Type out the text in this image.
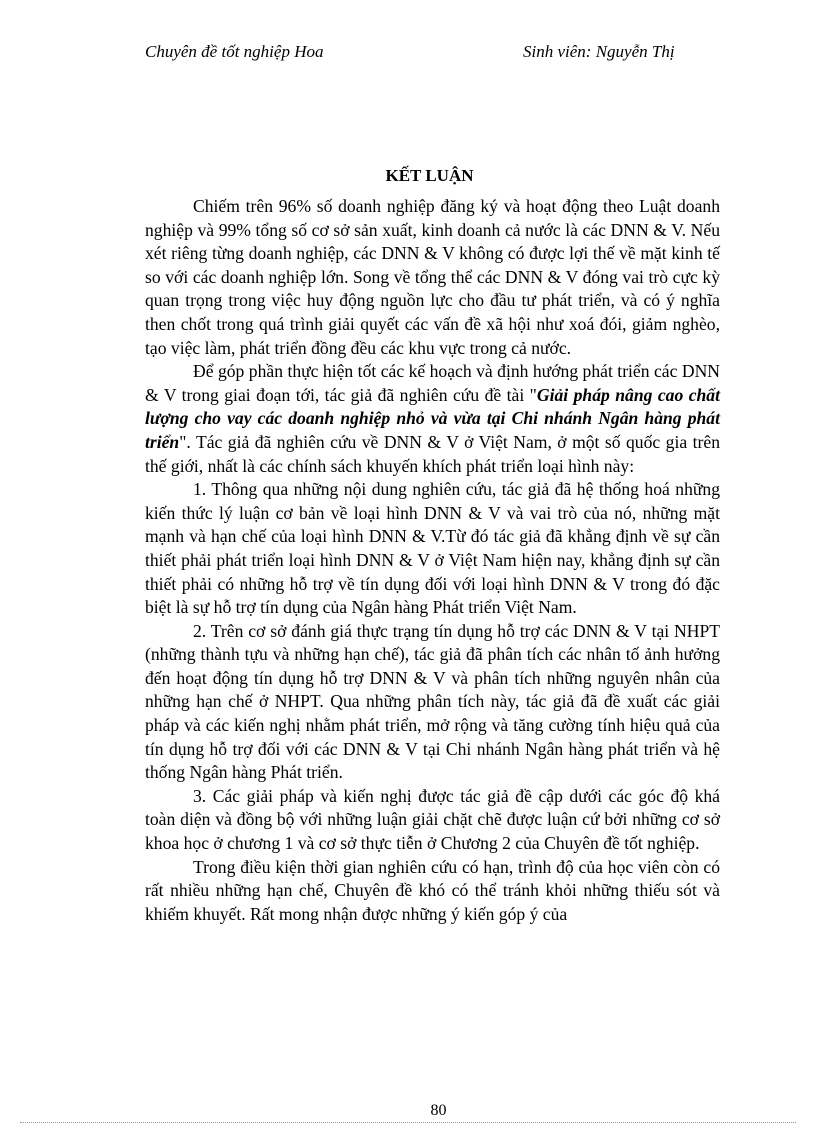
Chuyên đề tốt nghiệp Hoa	Sinh viên: Nguyễn Thị
KẾT LUẬN

Chiếm trên 96% số doanh nghiệp đăng ký và hoạt động theo Luật doanh nghiệp và 99% tổng số cơ sở sản xuất, kinh doanh cả nước là các DNN & V. Nếu xét riêng từng doanh nghiệp, các DNN & V không có được lợi thế về mặt kinh tế so với các doanh nghiệp lớn. Song về tổng thể các DNN & V đóng vai trò cực kỳ quan trọng trong việc huy động nguồn lực cho đầu tư phát triển, và có ý nghĩa then chốt trong quá trình giải quyết các vấn đề xã hội như xoá đói, giảm nghèo, tạo việc làm, phát triển đồng đều các khu vực trong cả nước.

Để góp phần thực hiện tốt các kế hoạch và định hướng phát triển các DNN & V trong giai đoạn tới, tác giả đã nghiên cứu đề tài "Giải pháp nâng cao chất lượng cho vay các doanh nghiệp nhỏ và vừa tại Chi nhánh Ngân hàng phát triển". Tác giả đã nghiên cứu về DNN & V ở Việt Nam, ở một số quốc gia trên thế giới, nhất là các chính sách khuyến khích phát triển loại hình này:

1. Thông qua những nội dung nghiên cứu, tác giả đã hệ thống hoá những kiến thức lý luận cơ bản về loại hình DNN & V và vai trò của nó, những mặt mạnh và hạn chế của loại hình DNN & V.Từ đó tác giả đã khẳng định về sự cần thiết phải phát triển loại hình DNN & V ở Việt Nam hiện nay, khẳng định sự cần thiết phải có những hỗ trợ về tín dụng đối với loại hình DNN & V trong đó đặc biệt là sự hỗ trợ tín dụng của Ngân hàng Phát triển Việt Nam.

2. Trên cơ sở đánh giá thực trạng tín dụng hỗ trợ các DNN & V tại NHPT (những thành tựu và những hạn chế), tác giả đã phân tích các nhân tố ảnh hưởng đến hoạt động tín dụng hỗ trợ DNN & V và phân tích những nguyên nhân của những hạn chế ở NHPT. Qua những phân tích này, tác giả đã đề xuất các giải pháp và các kiến nghị nhằm phát triển, mở rộng và tăng cường tính hiệu quả của tín dụng hỗ trợ đối với các DNN & V tại Chi nhánh Ngân hàng phát triển và hệ thống Ngân hàng Phát triển.

3. Các giải pháp và kiến nghị được tác giả đề cập dưới các góc độ khá toàn diện và đồng bộ với những luận giải chặt chẽ được luận cứ bởi những cơ sở khoa học ở chương 1 và cơ sở thực tiễn ở Chương 2 của Chuyên đề tốt nghiệp.

Trong điều kiện thời gian nghiên cứu có hạn, trình độ của học viên còn có rất nhiều những hạn chế, Chuyên đề khó có thể tránh khỏi những thiếu sót và khiếm khuyết. Rất mong nhận được những ý kiến góp ý của

80
